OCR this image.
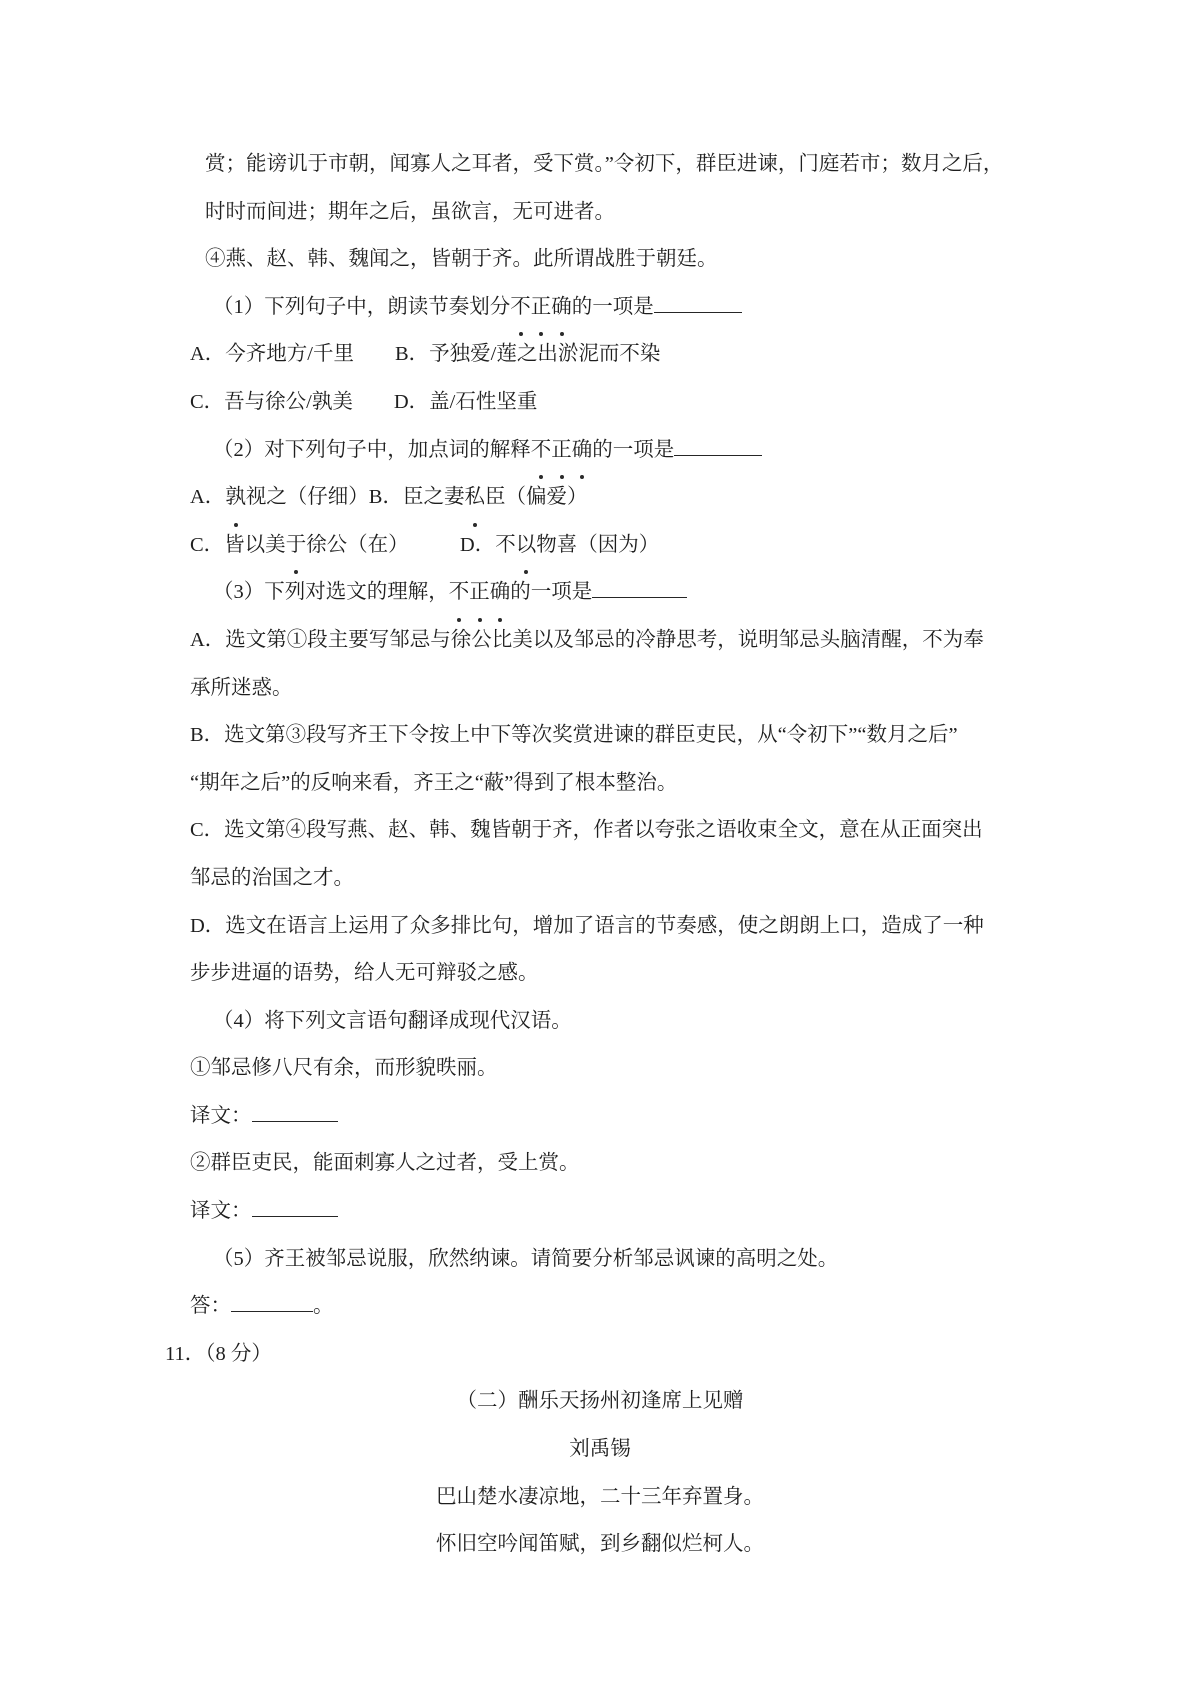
赏；能谤讥于市朝，闻寡人之耳者，受下赏。”令初下，群臣进谏，门庭若市；数月之后，
时时而间进；期年之后，虽欲言，无可进者。
④燕、赵、韩、魏闻之，皆朝于齐。此所谓战胜于朝廷。
（1）下列句子中，朗读节奏划分不正确的一项是
A．今齐地方/千里　　B．予独爱/莲之出淤泥而不染
C．吾与徐公/孰美　　D．盖/石性坚重
（2）对下列句子中，加点词的解释不正确的一项是
A．孰视之（仔细）B．臣之妻私臣（偏爱）
C．皆以美于徐公（在）　　　D．不以物喜（因为）
（3）下列对选文的理解，不正确的一项是
A．选文第①段主要写邹忌与徐公比美以及邹忌的冷静思考，说明邹忌头脑清醒，不为奉
承所迷惑。
B．选文第③段写齐王下令按上中下等次奖赏进谏的群臣吏民，从“令初下”“数月之后”
“期年之后”的反响来看，齐王之“蔽”得到了根本整治。
C．选文第④段写燕、赵、韩、魏皆朝于齐，作者以夸张之语收束全文，意在从正面突出
邹忌的治国之才。
D．选文在语言上运用了众多排比句，增加了语言的节奏感，使之朗朗上口，造成了一种
步步进逼的语势，给人无可辩驳之感。
（4）将下列文言语句翻译成现代汉语。
①邹忌修八尺有余，而形貌昳丽。
译文：
②群臣吏民，能面刺寡人之过者，受上赏。
译文：
（5）齐王被邹忌说服，欣然纳谏。请简要分析邹忌讽谏的高明之处。
答：	。
11．（8 分）
（二）酬乐天扬州初逢席上见赠
刘禹锡
巴山楚水凄凉地，二十三年弃置身。
怀旧空吟闻笛赋，到乡翻似烂柯人。
